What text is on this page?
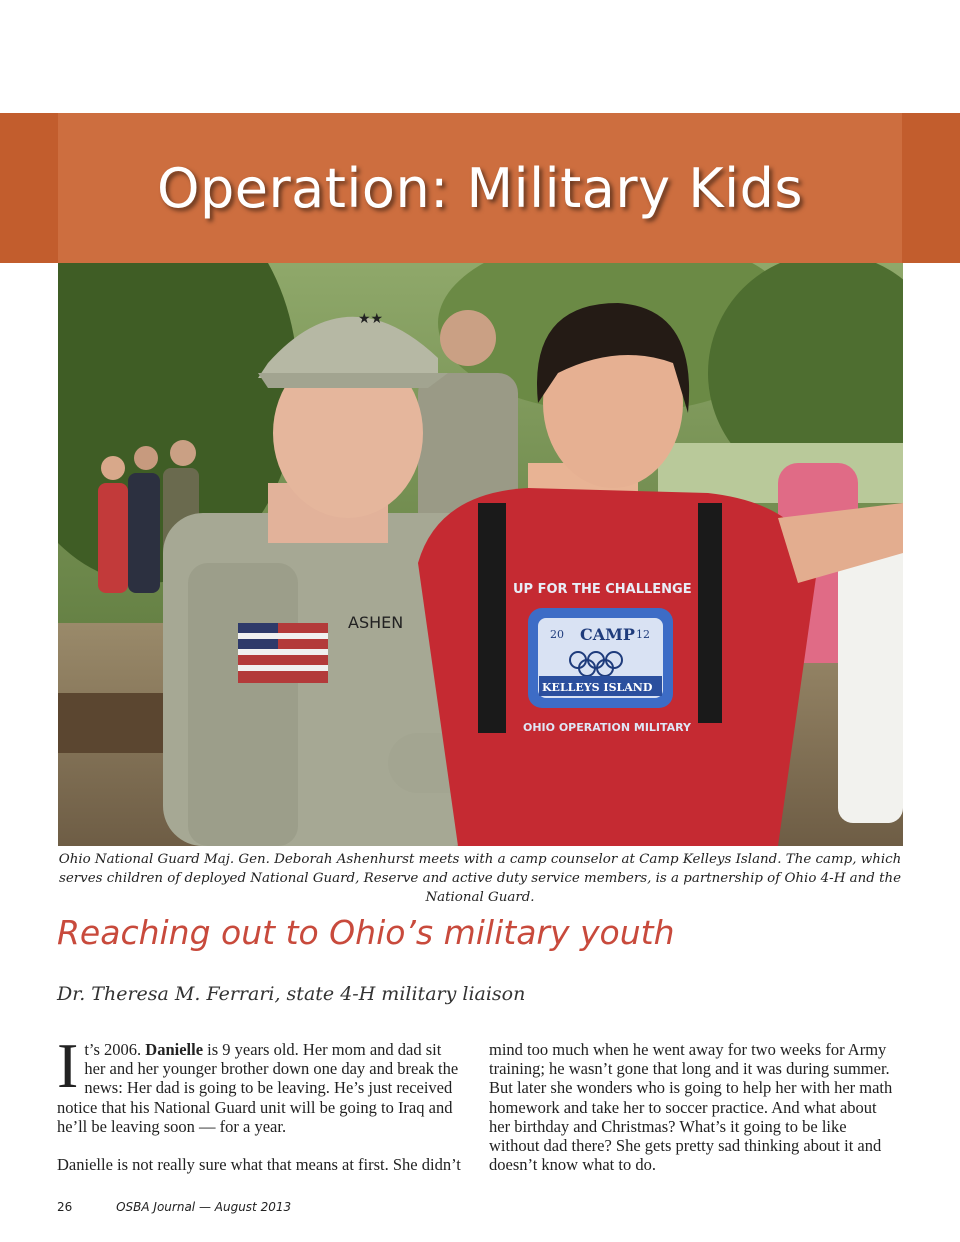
Operation: Military Kids
★★
ASHEN
UP FOR THE CHALLENGE
20 CAMP 12
KELLEYS ISLAND
OHIO OPERATION MILITARY
Ohio National Guard Maj. Gen. Deborah Ashenhurst meets with a camp counselor at Camp Kelleys Island. The camp, which serves children of deployed National Guard, Reserve and active duty service members, is a partnership of Ohio 4-H and the National Guard.
Reaching out to Ohio’s military youth
Dr. Theresa M. Ferrari, state 4-H military liaison

It’s 2006. Danielle is 9 years old. Her mom and dad sit her and her younger brother down one day and break the news: Her dad is going to be leaving. He’s just received notice that his National Guard unit will be going to Iraq and he’ll be leaving soon — for a year.

Danielle is not really sure what that means at first. She didn’t

mind too much when he went away for two weeks for Army training; he wasn’t gone that long and it was during summer. But later she wonders who is going to help her with her math homework and take her to soccer practice. And what about her birthday and Christmas? What’s it going to be like without dad there? She gets pretty sad thinking about it and doesn’t know what to do.

26	OSBA Journal — August 2013
